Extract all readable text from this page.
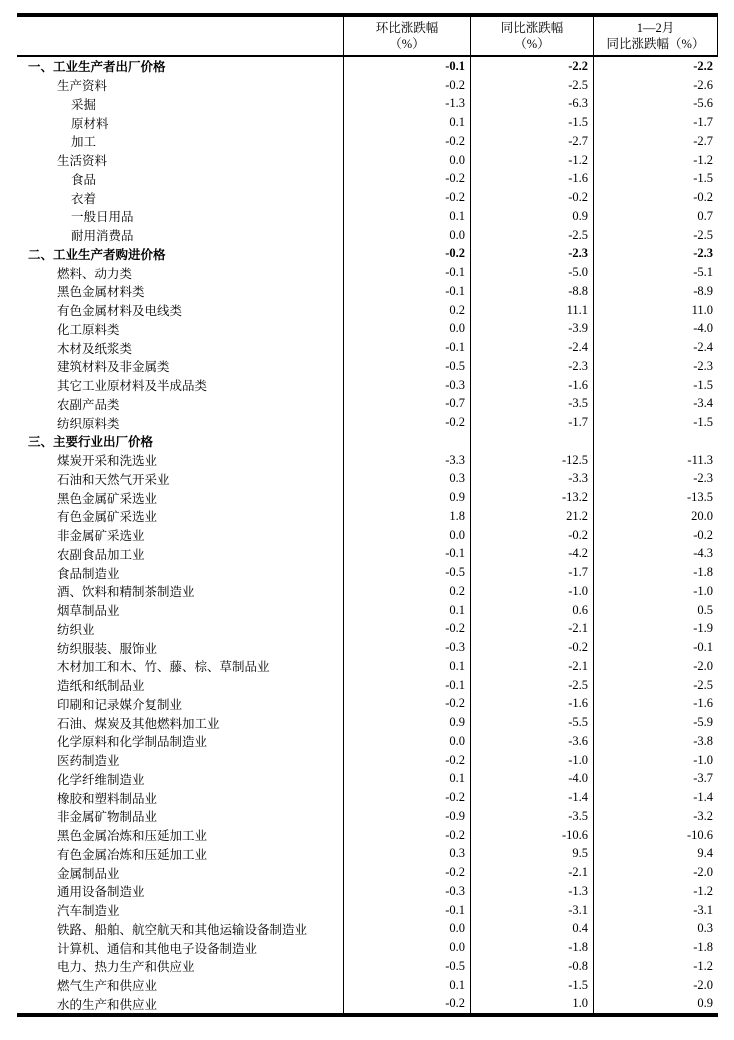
环比涨跌幅
（%）

同比涨跌幅
（%）

1—2月
同比涨跌幅（%）

一、工业生产者出厂价格	-0.1	-2.2	-2.2
生产资料	-0.2	-2.5	-2.6
采掘	-1.3	-6.3	-5.6
原材料	0.1	-1.5	-1.7
加工	-0.2	-2.7	-2.7
生活资料	0.0	-1.2	-1.2
食品	-0.2	-1.6	-1.5
衣着	-0.2	-0.2	-0.2
一般日用品	0.1	0.9	0.7
耐用消费品	0.0	-2.5	-2.5
二、工业生产者购进价格	-0.2	-2.3	-2.3
燃料、动力类	-0.1	-5.0	-5.1
黑色金属材料类	-0.1	-8.8	-8.9
有色金属材料及电线类	0.2	11.1	11.0
化工原料类	0.0	-3.9	-4.0
木材及纸浆类	-0.1	-2.4	-2.4
建筑材料及非金属类	-0.5	-2.3	-2.3
其它工业原材料及半成品类	-0.3	-1.6	-1.5
农副产品类	-0.7	-3.5	-3.4
纺织原料类	-0.2	-1.7	-1.5
三、主要行业出厂价格			
煤炭开采和洗选业	-3.3	-12.5	-11.3
石油和天然气开采业	0.3	-3.3	-2.3
黑色金属矿采选业	0.9	-13.2	-13.5
有色金属矿采选业	1.8	21.2	20.0
非金属矿采选业	0.0	-0.2	-0.2
农副食品加工业	-0.1	-4.2	-4.3
食品制造业	-0.5	-1.7	-1.8
酒、饮料和精制茶制造业	0.2	-1.0	-1.0
烟草制品业	0.1	0.6	0.5
纺织业	-0.2	-2.1	-1.9
纺织服装、服饰业	-0.3	-0.2	-0.1
木材加工和木、竹、藤、棕、草制品业	0.1	-2.1	-2.0
造纸和纸制品业	-0.1	-2.5	-2.5
印刷和记录媒介复制业	-0.2	-1.6	-1.6
石油、煤炭及其他燃料加工业	0.9	-5.5	-5.9
化学原料和化学制品制造业	0.0	-3.6	-3.8
医药制造业	-0.2	-1.0	-1.0
化学纤维制造业	0.1	-4.0	-3.7
橡胶和塑料制品业	-0.2	-1.4	-1.4
非金属矿物制品业	-0.9	-3.5	-3.2
黑色金属冶炼和压延加工业	-0.2	-10.6	-10.6
有色金属冶炼和压延加工业	0.3	9.5	9.4
金属制品业	-0.2	-2.1	-2.0
通用设备制造业	-0.3	-1.3	-1.2
汽车制造业	-0.1	-3.1	-3.1
铁路、船舶、航空航天和其他运输设备制造业	0.0	0.4	0.3
计算机、通信和其他电子设备制造业	0.0	-1.8	-1.8
电力、热力生产和供应业	-0.5	-0.8	-1.2
燃气生产和供应业	0.1	-1.5	-2.0
水的生产和供应业	-0.2	1.0	0.9
